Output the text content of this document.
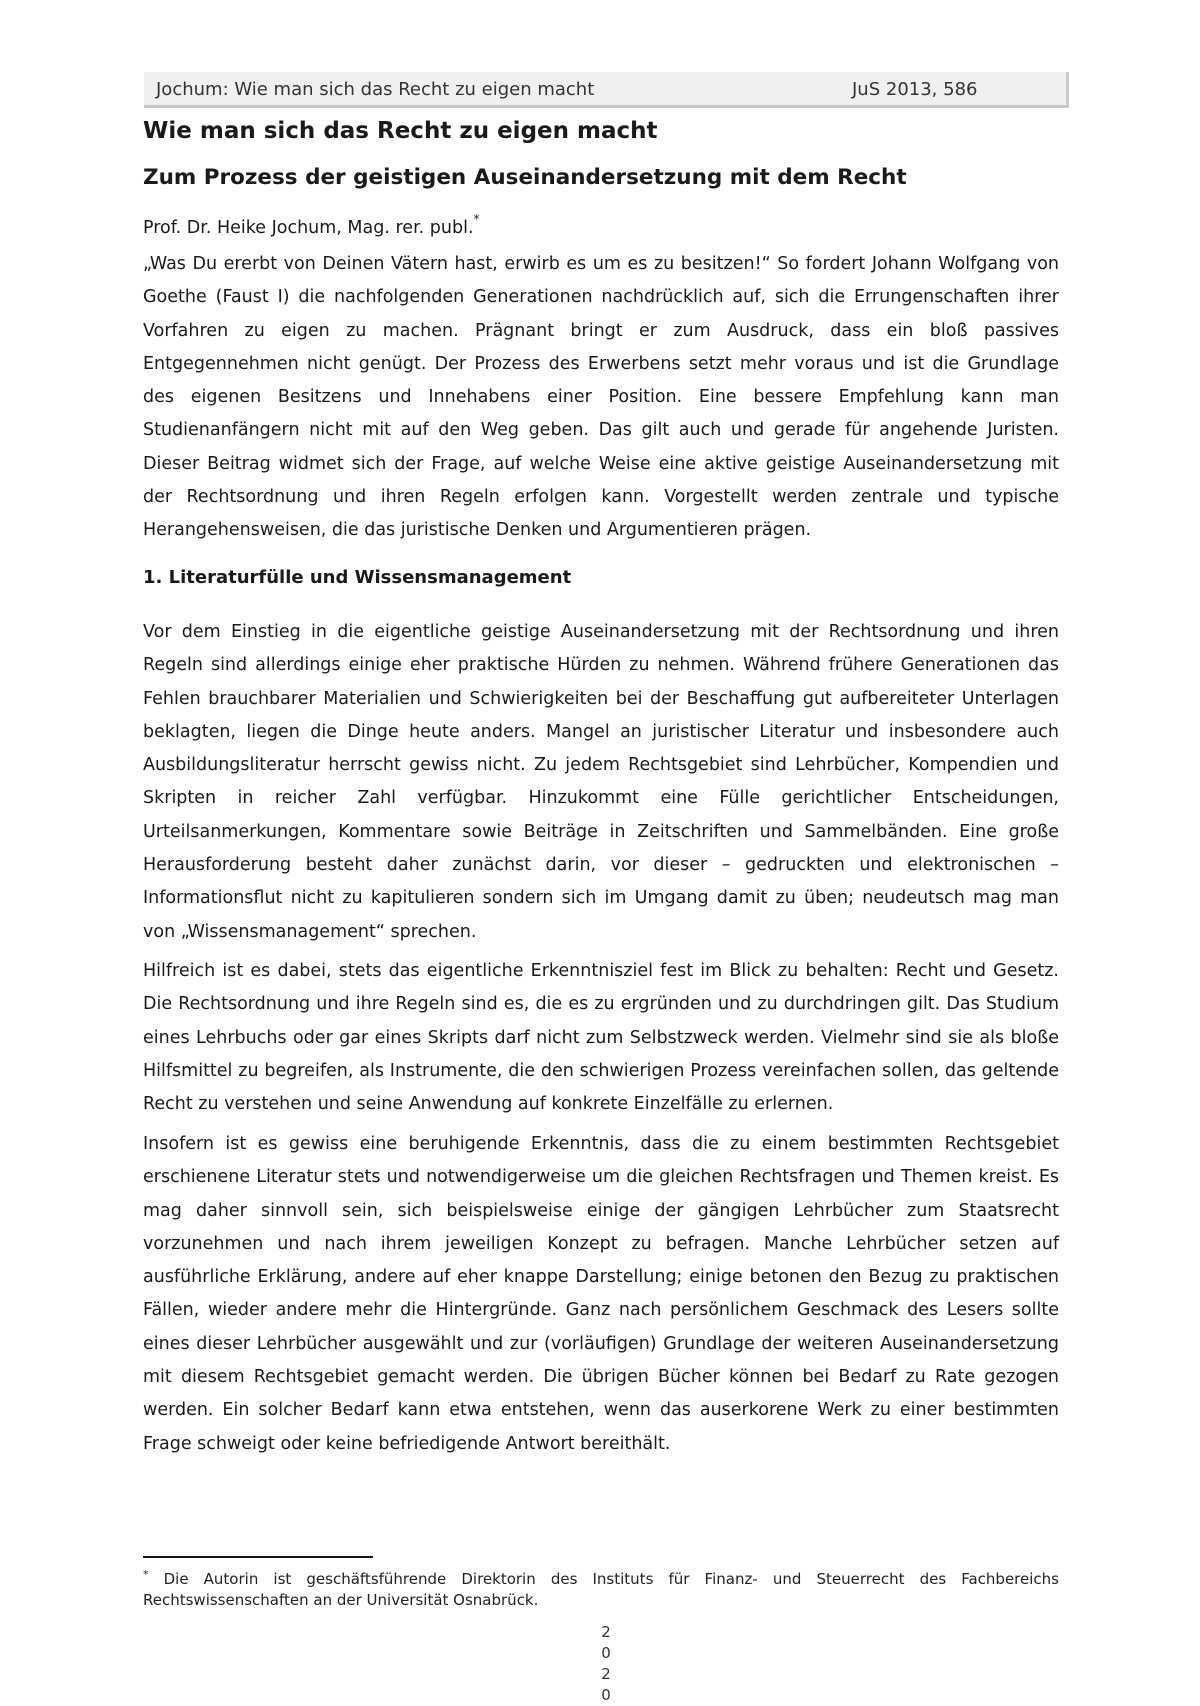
Jochum: Wie man sich das Recht zu eigen macht	JuS 2013, 586
Wie man sich das Recht zu eigen macht
Zum Prozess der geistigen Auseinandersetzung mit dem Recht
Prof. Dr. Heike Jochum, Mag. rer. publ.*

„Was Du ererbt von Deinen Vätern hast, erwirb es um es zu besitzen!“ So fordert Johann Wolfgang von Goethe (Faust I) die nachfolgenden Generationen nachdrücklich auf, sich die Errungenschaften ihrer Vorfahren zu eigen zu machen. Prägnant bringt er zum Ausdruck, dass ein bloß passives Entgegennehmen nicht genügt. Der Prozess des Erwerbens setzt mehr voraus und ist die Grundlage des eigenen Besitzens und Innehabens einer Position. Eine bessere Empfehlung kann man Studienanfängern nicht mit auf den Weg geben. Das gilt auch und gerade für angehende Juristen. Dieser Beitrag widmet sich der Frage, auf welche Weise eine aktive geistige Auseinandersetzung mit der Rechtsordnung und ihren Regeln erfolgen kann. Vorgestellt werden zentrale und typische Herangehensweisen, die das juristische Denken und Argumentieren prägen.

1. Literaturfülle und Wissensmanagement

Vor dem Einstieg in die eigentliche geistige Auseinandersetzung mit der Rechtsordnung und ihren Regeln sind allerdings einige eher praktische Hürden zu nehmen. Während frühere Generationen das Fehlen brauchbarer Materialien und Schwierigkeiten bei der Beschaffung gut aufbereiteter Unterlagen beklagten, liegen die Dinge heute anders. Mangel an juristischer Literatur und insbesondere auch Ausbildungsliteratur herrscht gewiss nicht. Zu jedem Rechtsgebiet sind Lehrbücher, Kompendien und Skripten in reicher Zahl verfügbar. Hinzukommt eine Fülle gerichtlicher Entscheidungen, Urteilsanmerkungen, Kommentare sowie Beiträge in Zeitschriften und Sammelbänden. Eine große Herausforderung besteht daher zunächst darin, vor dieser – gedruckten und elektronischen – Informationsflut nicht zu kapitulieren sondern sich im Umgang damit zu üben; neudeutsch mag man von „Wissensmanagement“ sprechen.

Hilfreich ist es dabei, stets das eigentliche Erkenntnisziel fest im Blick zu behalten: Recht und Gesetz. Die Rechtsordnung und ihre Regeln sind es, die es zu ergründen und zu durchdringen gilt. Das Studium eines Lehrbuchs oder gar eines Skripts darf nicht zum Selbstzweck werden. Vielmehr sind sie als bloße Hilfsmittel zu begreifen, als Instrumente, die den schwierigen Prozess vereinfachen sollen, das geltende Recht zu verstehen und seine Anwendung auf konkrete Einzelfälle zu erlernen.

Insofern ist es gewiss eine beruhigende Erkenntnis, dass die zu einem bestimmten Rechtsgebiet erschienene Literatur stets und notwendigerweise um die gleichen Rechtsfragen und Themen kreist. Es mag daher sinnvoll sein, sich beispielsweise einige der gängigen Lehrbücher zum Staatsrecht vorzunehmen und nach ihrem jeweiligen Konzept zu befragen. Manche Lehrbücher setzen auf ausführliche Erklärung, andere auf eher knappe Darstellung; einige betonen den Bezug zu praktischen Fällen, wieder andere mehr die Hintergründe. Ganz nach persönlichem Geschmack des Lesers sollte eines dieser Lehrbücher ausgewählt und zur (vorläufigen) Grundlage der weiteren Auseinandersetzung mit diesem Rechtsgebiet gemacht werden. Die übrigen Bücher können bei Bedarf zu Rate gezogen werden. Ein solcher Bedarf kann etwa entstehen, wenn das auserkorene Werk zu einer bestimmten Frage schweigt oder keine befriedigende Antwort bereithält.

* Die Autorin ist geschäftsführende Direktorin des Instituts für Finanz- und Steuerrecht des Fachbereichs Rechtswissenschaften an der Universität Osnabrück.

2
0
2
0
